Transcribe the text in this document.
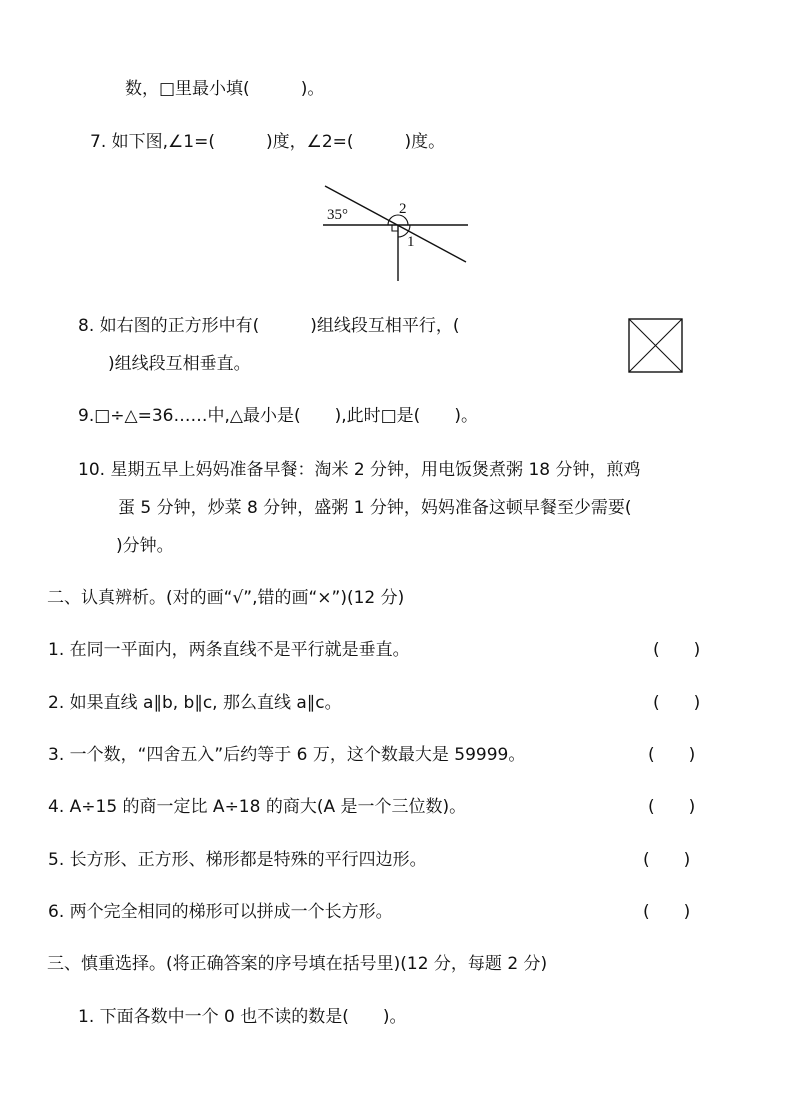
数，□里最小填(　　　)。
7. 如下图,∠1=(　　　)度，∠2=(　　　)度。
35°	2
1
8. 如右图的正方形中有(　　　)组线段互相平行，(
)组线段互相垂直。
9.□÷△=36……中,△最小是(　　),此时□是(　　)。
10. 星期五早上妈妈准备早餐：淘米 2 分钟，用电饭煲煮粥 18 分钟，煎鸡
蛋 5 分钟，炒菜 8 分钟，盛粥 1 分钟，妈妈准备这顿早餐至少需要(
)分钟。
二、认真辨析。(对的画“√”,错的画“×”)(12 分)
1. 在同一平面内，两条直线不是平行就是垂直。	(　　)
2. 如果直线 a∥b, b∥c, 那么直线 a∥c。	(　　)
3. 一个数，“四舍五入”后约等于 6 万，这个数最大是 59999。	(　　)
4. A÷15 的商一定比 A÷18 的商大(A 是一个三位数)。	(　　)
5. 长方形、正方形、梯形都是特殊的平行四边形。	(　　)
6. 两个完全相同的梯形可以拼成一个长方形。	(　　)
三、慎重选择。(将正确答案的序号填在括号里)(12 分，每题 2 分)
1. 下面各数中一个 0 也不读的数是(　　)。
